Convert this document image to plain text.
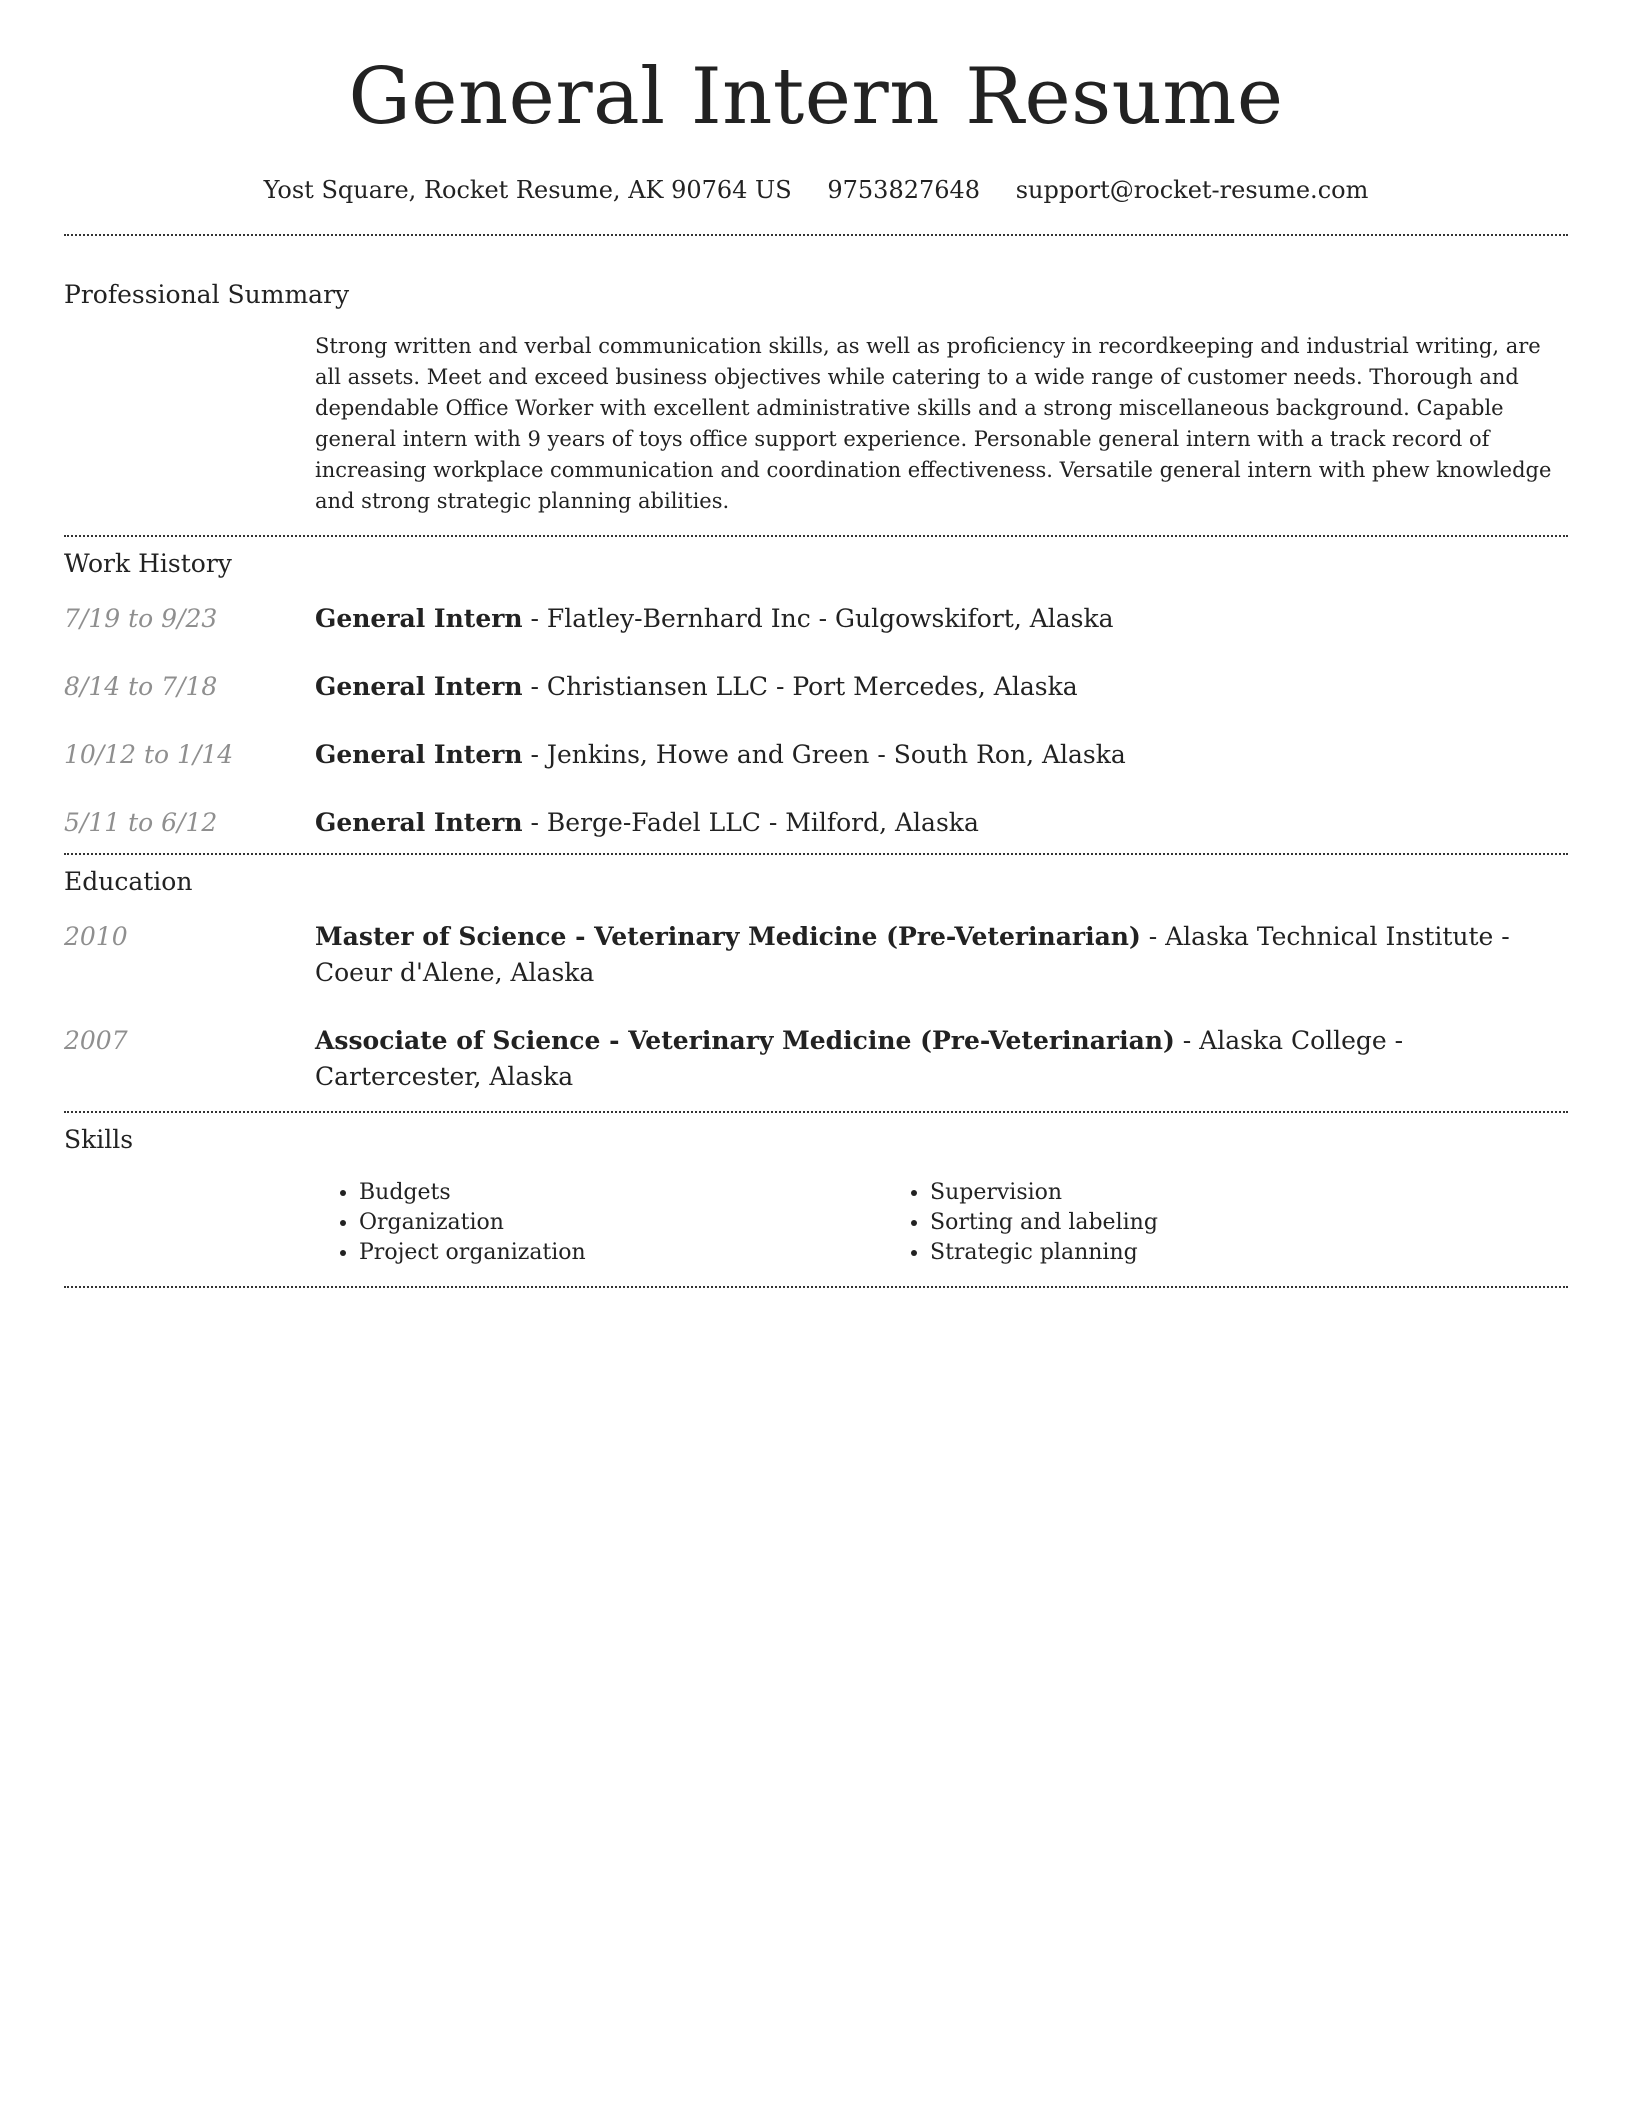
General Intern Resume
Yost Square, Rocket Resume, AK 90764 US 9753827648 support@rocket-resume.com
Professional Summary
Strong written and verbal communication skills, as well as proficiency in recordkeeping and industrial writing, are all assets. Meet and exceed business objectives while catering to a wide range of customer needs. Thorough and dependable Office Worker with excellent administrative skills and a strong miscellaneous background. Capable general intern with 9 years of toys office support experience. Personable general intern with a track record of increasing workplace communication and coordination effectiveness. Versatile general intern with phew knowledge and strong strategic planning abilities.
Work History
7/19 to 9/23	General Intern - Flatley-Bernhard Inc - Gulgowskifort, Alaska
8/14 to 7/18	General Intern - Christiansen LLC - Port Mercedes, Alaska
10/12 to 1/14	General Intern - Jenkins, Howe and Green - South Ron, Alaska
5/11 to 6/12	General Intern - Berge-Fadel LLC - Milford, Alaska
Education
2010	Master of Science - Veterinary Medicine (Pre-Veterinarian) - Alaska Technical Institute - Coeur d'Alene, Alaska
2007	Associate of Science - Veterinary Medicine (Pre-Veterinarian) - Alaska College - Cartercester, Alaska
Skills
• Budgets
• Organization
• Project organization
• Supervision
• Sorting and labeling
• Strategic planning
